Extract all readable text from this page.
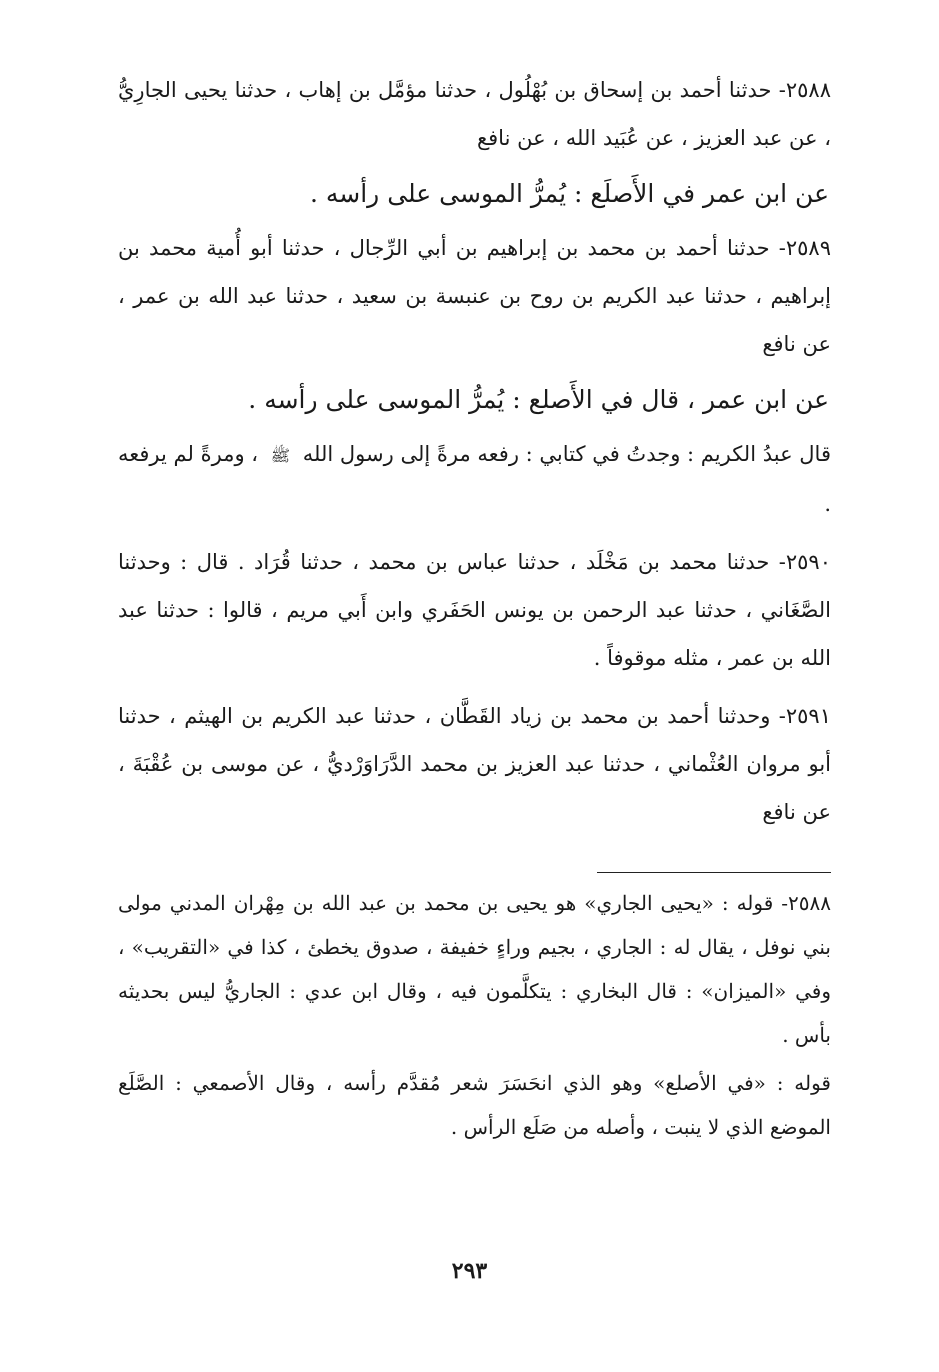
٢٥٨٨- حدثنا أحمد بن إسحاق بن بُهْلُول ، حدثنا مؤمَّل بن إهاب ، حدثنا يحيى الجارِيُّ ، عن عبد العزيز ، عن عُبَيد الله ، عن نافع

عن ابن عمر في الأَصلَع : يُمرُّ الموسى على رأسه .

٢٥٨٩- حدثنا أحمد بن محمد بن إبراهيم بن أبي الرِّجال ، حدثنا أبو أُمية محمد بن إبراهيم ، حدثنا عبد الكريم بن روح بن عنبسة بن سعيد ، حدثنا عبد الله بن عمر ، عن نافع

عن ابن عمر ، قال في الأَصلع : يُمرُّ الموسى على رأسه .

قال عبدُ الكريم : وجدتُ في كتابي : رفعه مرةً إلى رسول الله ﷺ ، ومرةً لم يرفعه .

٢٥٩٠- حدثنا محمد بن مَخْلَد ، حدثنا عباس بن محمد ، حدثنا قُرَاد . قال : وحدثنا الصَّغَاني ، حدثنا عبد الرحمن بن يونس الحَفَري وابن أَبي مريم ، قالوا : حدثنا عبد الله بن عمر ، مثله موقوفاً .

٢٥٩١- وحدثنا أحمد بن محمد بن زياد القَطَّان ، حدثنا عبد الكريم بن الهيثم ، حدثنا أبو مروان العُثْماني ، حدثنا عبد العزيز بن محمد الدَّرَاوَرْديُّ ، عن موسى بن عُقْبَةَ ، عن نافع

٢٥٨٨- قوله : «يحيى الجاري» هو يحيى بن محمد بن عبد الله بن مِهْران المدني مولى بني نوفل ، يقال له : الجاري ، بجيم وراءٍ خفيفة ، صدوق يخطئ ، كذا في «التقريب» ، وفي «الميزان» : قال البخاري : يتكلَّمون فيه ، وقال ابن عدي : الجاريُّ ليس بحديثه بأس .

قوله : «في الأصلع» وهو الذي انحَسَرَ شعر مُقدَّم رأسه ، وقال الأصمعي : الصَّلَع الموضع الذي لا ينبت ، وأصله من صَلَع الرأس .

٢٩٣
